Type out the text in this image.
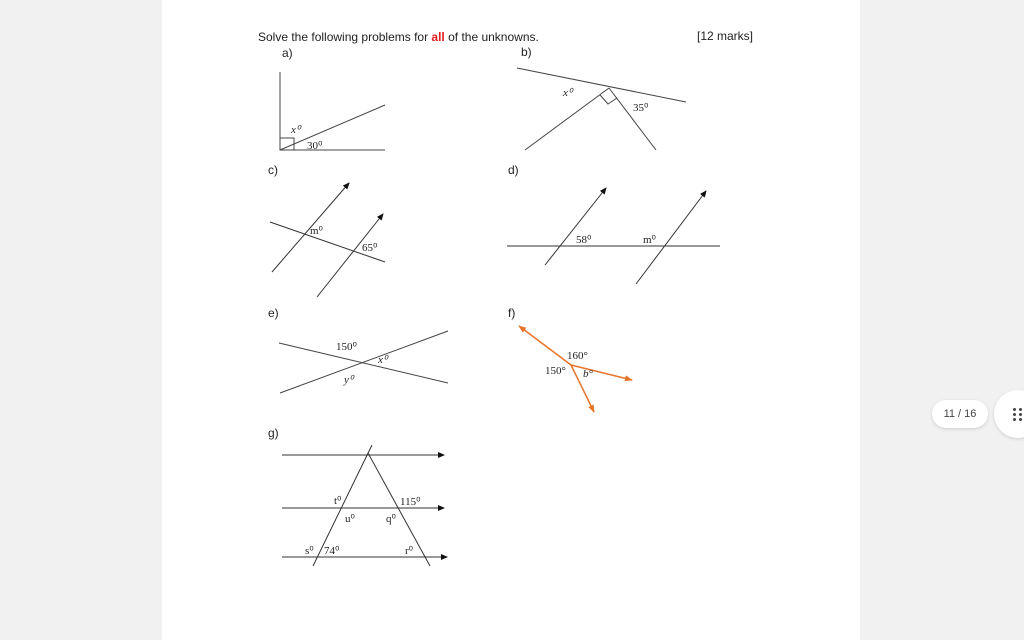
Solve the following problems for all of the unknowns.	[12 marks]
a)
x⁰
30⁰
b)
x⁰
35⁰
c)
m⁰
65⁰
d)
58⁰	m⁰
e)
150⁰
x⁰
y⁰
f)
160°
150° b°
g)
t⁰	115⁰
u⁰	q⁰
s⁰ 74⁰	r⁰
11 / 16
